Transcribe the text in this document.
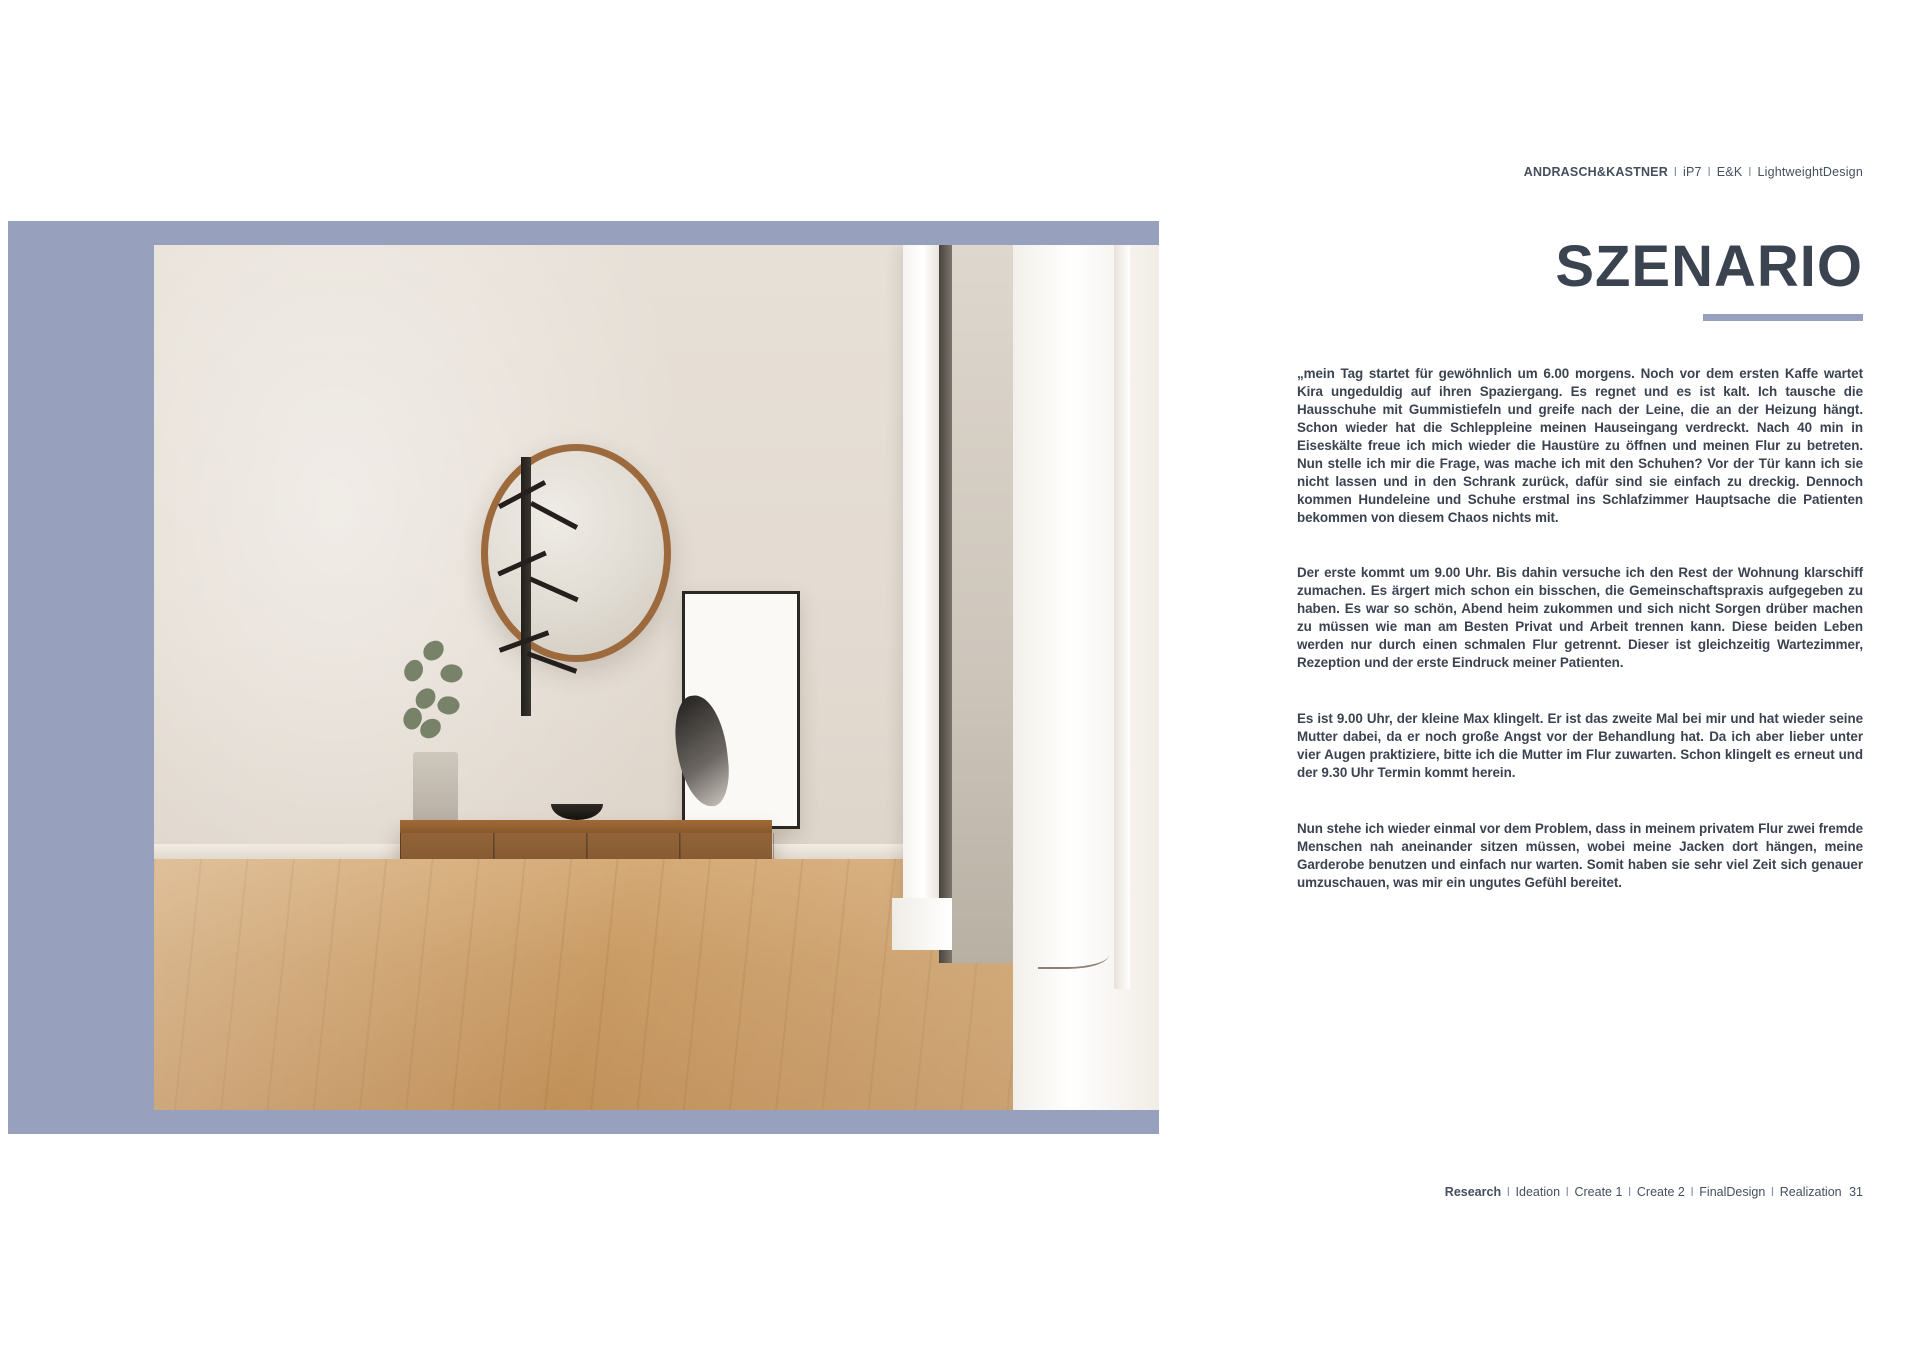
ANDRASCH&KASTNER I iP7 I E&K I LightweightDesign
SZENARIO

„mein Tag startet für gewöhnlich um 6.00 morgens. Noch vor dem ersten Kaffe wartet Kira ungeduldig auf ihren Spaziergang. Es regnet und es ist kalt. Ich tausche die Hausschuhe mit Gummistiefeln und greife nach der Leine, die an der Heizung hängt. Schon wieder hat die Schleppleine meinen Hauseingang verdreckt. Nach 40 min in Eiseskälte freue ich mich wieder die Haustüre zu öffnen und meinen Flur zu betreten. Nun stelle ich mir die Frage, was mache ich mit den Schuhen? Vor der Tür kann ich sie nicht lassen und in den Schrank zurück, dafür sind sie einfach zu dreckig. Dennoch kommen Hundeleine und Schuhe erstmal ins Schlafzimmer Hauptsache die Patienten bekommen von diesem Chaos nichts mit.

Der erste kommt um 9.00 Uhr. Bis dahin versuche ich den Rest der Wohnung klarschiff zumachen. Es ärgert mich schon ein bisschen, die Gemeinschaftspraxis aufgegeben zu haben. Es war so schön, Abend heim zukommen und sich nicht Sorgen drüber machen zu müssen wie man am Besten Privat und Arbeit trennen kann. Diese beiden Leben werden nur durch einen schmalen Flur getrennt. Dieser ist gleichzeitig Wartezimmer, Rezeption und der erste Eindruck meiner Patienten.

Es ist 9.00 Uhr, der kleine Max klingelt. Er ist das zweite Mal bei mir und hat wieder seine Mutter dabei, da er noch große Angst vor der Behandlung hat. Da ich aber lieber unter vier Augen praktiziere, bitte ich die Mutter im Flur zuwarten. Schon klingelt es erneut und der 9.30 Uhr Termin kommt herein.

Nun stehe ich wieder einmal vor dem Problem, dass in meinem privatem Flur zwei fremde Menschen nah aneinander sitzen müssen, wobei meine Jacken dort hängen, meine Garderobe benutzen und einfach nur warten. Somit haben sie sehr viel Zeit sich genauer umzuschauen, was mir ein ungutes Gefühl bereitet.

Research I Ideation I Create 1 I Create 2 I FinalDesign I Realization 31
